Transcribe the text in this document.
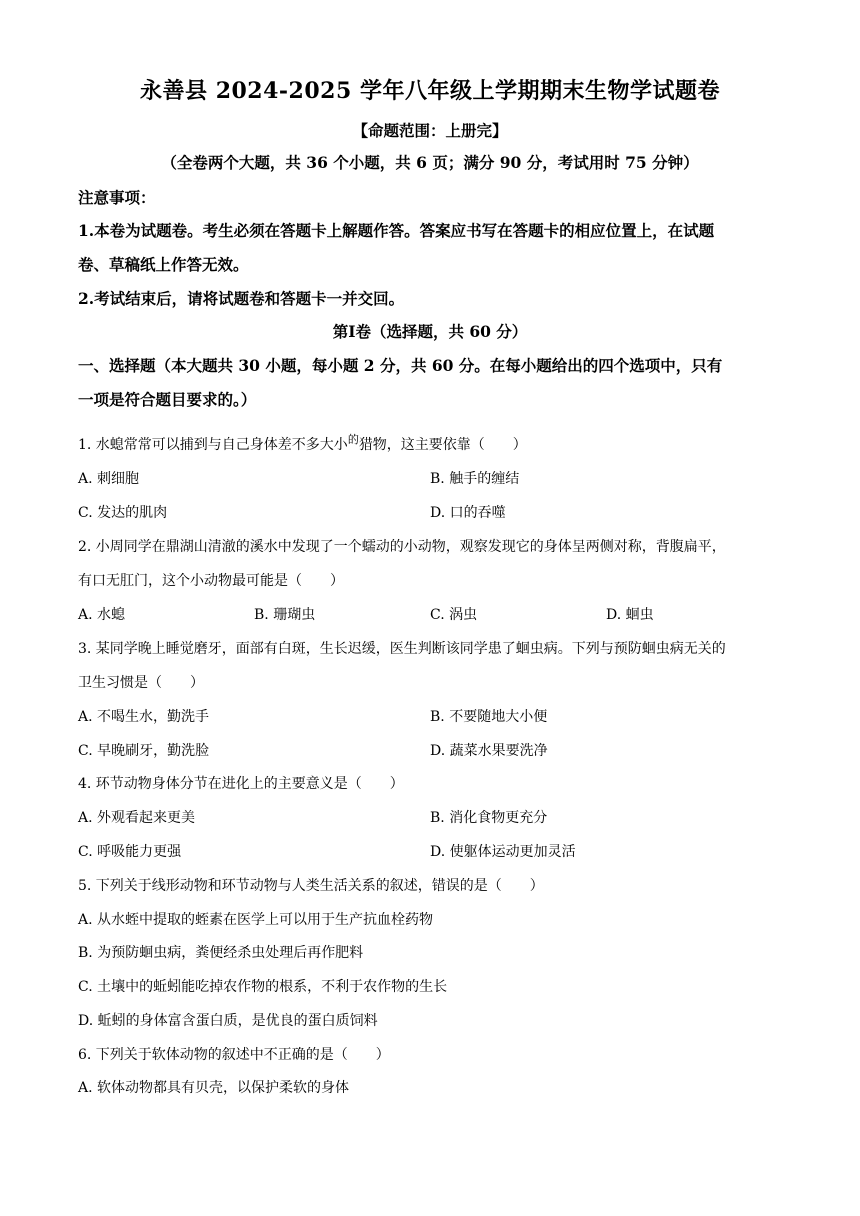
永善县 2024-2025 学年八年级上学期期末生物学试题卷
【命题范围：上册完】
（全卷两个大题，共 36 个小题，共 6 页；满分 90 分，考试用时 75 分钟）
注意事项：
1.本卷为试题卷。考生必须在答题卡上解题作答。答案应书写在答题卡的相应位置上，在试题
卷、草稿纸上作答无效。
2.考试结束后，请将试题卷和答题卡一并交回。
第Ⅰ卷（选择题，共 60 分）
一、选择题（本大题共 30 小题，每小题 2 分，共 60 分。在每小题给出的四个选项中，只有
一项是符合题目要求的。）
1. 水螅常常可以捕到与自己身体差不多大小$^的$猎物，这主要依靠（　　）
A. 刺细胞	B. 触手的缠结
C. 发达的肌肉	D. 口的吞噬
2. 小周同学在鼎湖山清澈的溪水中发现了一个蠕动的小动物，观察发现它的身体呈两侧对称，背腹扁平，
有口无肛门，这个小动物最可能是（　　）
A. 水螅	B. 珊瑚虫	C. 涡虫	D. 蛔虫
3. 某同学晚上睡觉磨牙，面部有白斑，生长迟缓，医生判断该同学患了蛔虫病。下列与预防蛔虫病无关的
卫生习惯是（　　）
A. 不喝生水，勤洗手	B. 不要随地大小便
C. 早晚刷牙，勤洗脸	D. 蔬菜水果要洗净
4. 环节动物身体分节在进化上的主要意义是（　　）
A. 外观看起来更美	B. 消化食物更充分
C. 呼吸能力更强	D. 使躯体运动更加灵活
5. 下列关于线形动物和环节动物与人类生活关系的叙述，错误的是（　　）
A. 从水蛭中提取的蛭素在医学上可以用于生产抗血栓药物
B. 为预防蛔虫病，粪便经杀虫处理后再作肥料
C. 土壤中的蚯蚓能吃掉农作物的根系，不利于农作物的生长
D. 蚯蚓的身体富含蛋白质，是优良的蛋白质饲料
6. 下列关于软体动物的叙述中不正确的是（　　）
A. 软体动物都具有贝壳，以保护柔软的身体
